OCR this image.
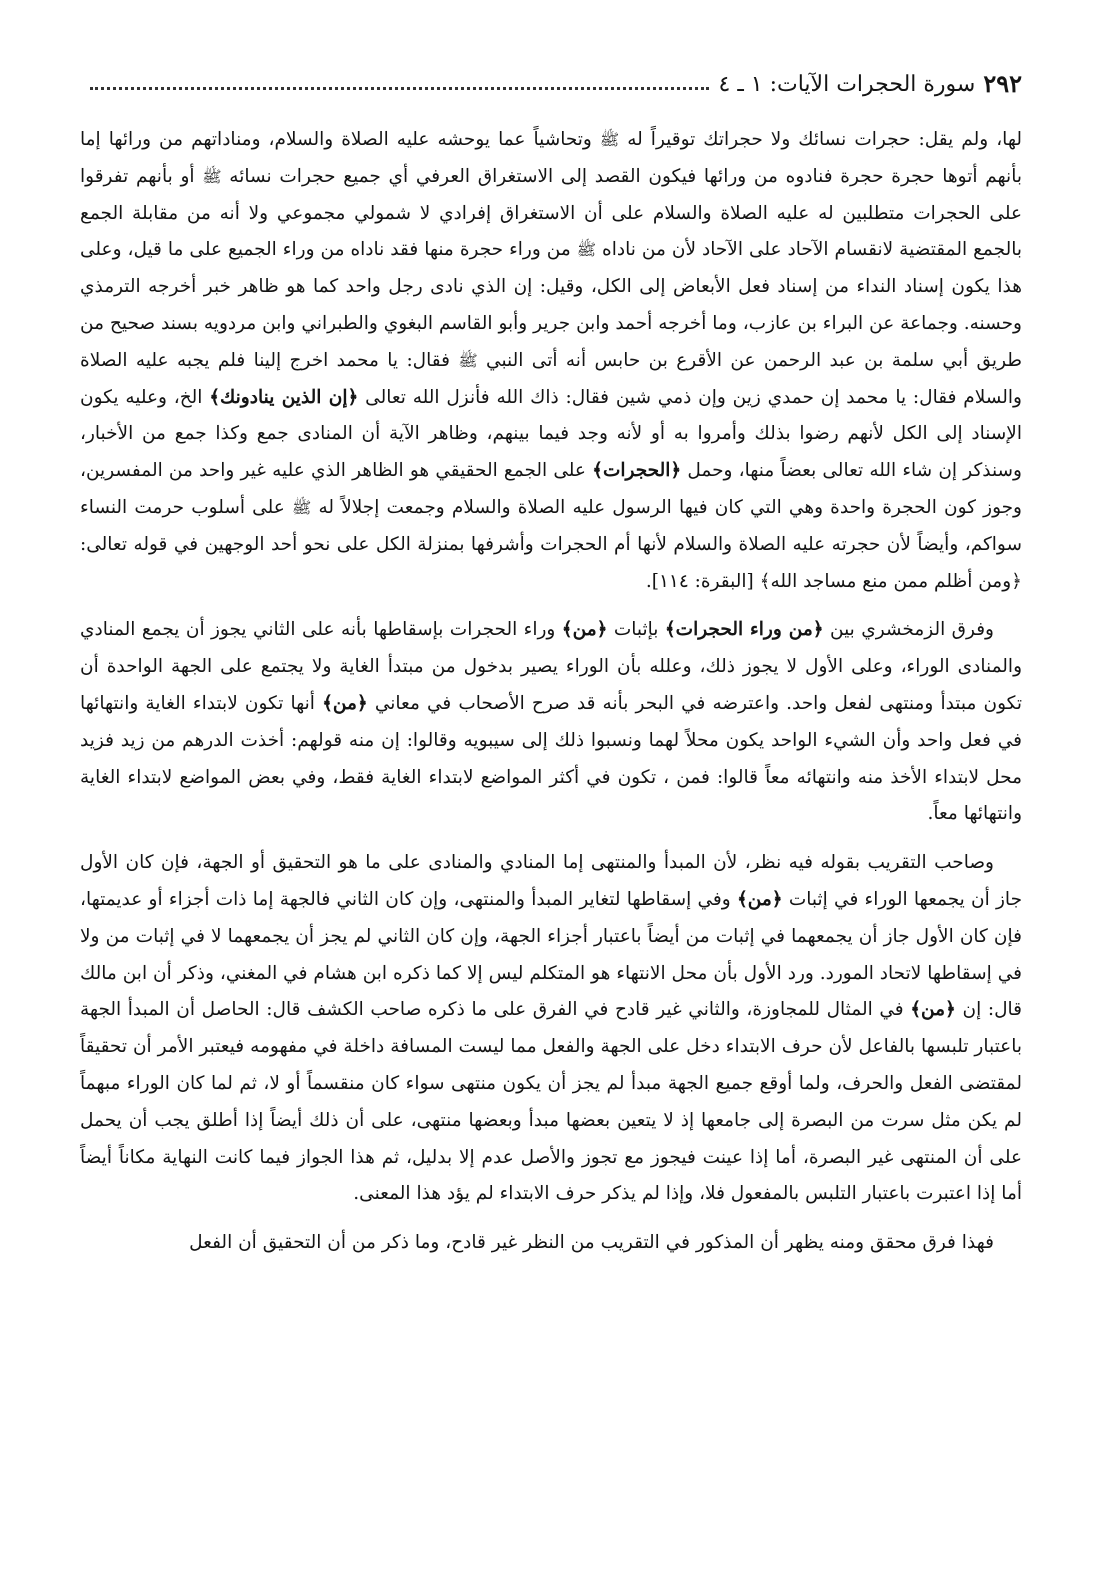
٢٩٢
سورة الحجرات الآيات: ١ ـ ٤

لها، ولم يقل: حجرات نسائك ولا حجراتك توقيراً له ﷺ وتحاشياً عما يوحشه عليه الصلاة والسلام، ومناداتهم من ورائها إما بأنهم أتوها حجرة حجرة فنادوه من ورائها فيكون القصد إلى الاستغراق العرفي أي جميع حجرات نسائه ﷺ أو بأنهم تفرقوا على الحجرات متطلبين له عليه الصلاة والسلام على أن الاستغراق إفرادي لا شمولي مجموعي ولا أنه من مقابلة الجمع بالجمع المقتضية لانقسام الآحاد على الآحاد لأن من ناداه ﷺ من وراء حجرة منها فقد ناداه من وراء الجميع على ما قيل، وعلى هذا يكون إسناد النداء من إسناد فعل الأبعاض إلى الكل، وقيل: إن الذي نادى رجل واحد كما هو ظاهر خبر أخرجه الترمذي وحسنه. وجماعة عن البراء بن عازب، وما أخرجه أحمد وابن جرير وأبو القاسم البغوي والطبراني وابن مردويه بسند صحيح من طريق أبي سلمة بن عبد الرحمن عن الأقرع بن حابس أنه أتى النبي ﷺ فقال: يا محمد اخرج إلينا فلم يجبه عليه الصلاة والسلام فقال: يا محمد إن حمدي زين وإن ذمي شين فقال: ذاك الله فأنزل الله تعالى ﴿إن الذين ينادونك﴾ الخ، وعليه يكون الإسناد إلى الكل لأنهم رضوا بذلك وأمروا به أو لأنه وجد فيما بينهم، وظاهر الآية أن المنادى جمع وكذا جمع من الأخبار، وسنذكر إن شاء الله تعالى بعضاً منها، وحمل ﴿الحجرات﴾ على الجمع الحقيقي هو الظاهر الذي عليه غير واحد من المفسرين، وجوز كون الحجرة واحدة وهي التي كان فيها الرسول عليه الصلاة والسلام وجمعت إجلالاً له ﷺ على أسلوب حرمت النساء سواكم، وأيضاً لأن حجرته عليه الصلاة والسلام لأنها أم الحجرات وأشرفها بمنزلة الكل على نحو أحد الوجهين في قوله تعالى: ﴿ومن أظلم ممن منع مساجد الله﴾ [البقرة: ١١٤].

وفرق الزمخشري بين ﴿من وراء الحجرات﴾ بإثبات ﴿من﴾ وراء الحجرات بإسقاطها بأنه على الثاني يجوز أن يجمع المنادي والمنادى الوراء، وعلى الأول لا يجوز ذلك، وعلله بأن الوراء يصير بدخول من مبتدأ الغاية ولا يجتمع على الجهة الواحدة أن تكون مبتدأ ومنتهى لفعل واحد. واعترضه في البحر بأنه قد صرح الأصحاب في معاني ﴿من﴾ أنها تكون لابتداء الغاية وانتهائها في فعل واحد وأن الشيء الواحد يكون محلاً لهما ونسبوا ذلك إلى سيبويه وقالوا: إن منه قولهم: أخذت الدرهم من زيد فزيد محل لابتداء الأخذ منه وانتهائه معاً قالوا: فمن ، تكون في أكثر المواضع لابتداء الغاية فقط، وفي بعض المواضع لابتداء الغاية وانتهائها معاً.

وصاحب التقريب بقوله فيه نظر، لأن المبدأ والمنتهى إما المنادي والمنادى على ما هو التحقيق أو الجهة، فإن كان الأول جاز أن يجمعها الوراء في إثبات ﴿من﴾ وفي إسقاطها لتغاير المبدأ والمنتهى، وإن كان الثاني فالجهة إما ذات أجزاء أو عديمتها، فإن كان الأول جاز أن يجمعهما في إثبات من أيضاً باعتبار أجزاء الجهة، وإن كان الثاني لم يجز أن يجمعهما لا في إثبات من ولا في إسقاطها لاتحاد المورد. ورد الأول بأن محل الانتهاء هو المتكلم ليس إلا كما ذكره ابن هشام في المغني، وذكر أن ابن مالك قال: إن ﴿من﴾ في المثال للمجاوزة، والثاني غير قادح في الفرق على ما ذكره صاحب الكشف قال: الحاصل أن المبدأ الجهة باعتبار تلبسها بالفاعل لأن حرف الابتداء دخل على الجهة والفعل مما ليست المسافة داخلة في مفهومه فيعتبر الأمر أن تحقيقاً لمقتضى الفعل والحرف، ولما أوقع جميع الجهة مبدأ لم يجز أن يكون منتهى سواء كان منقسماً أو لا، ثم لما كان الوراء مبهماً لم يكن مثل سرت من البصرة إلى جامعها إذ لا يتعين بعضها مبدأ وبعضها منتهى، على أن ذلك أيضاً إذا أطلق يجب أن يحمل على أن المنتهى غير البصرة، أما إذا عينت فيجوز مع تجوز والأصل عدم إلا بدليل، ثم هذا الجواز فيما كانت النهاية مكاناً أيضاً أما إذا اعتبرت باعتبار التلبس بالمفعول فلا، وإذا لم يذكر حرف الابتداء لم يؤد هذا المعنى.

فهذا فرق محقق ومنه يظهر أن المذكور في التقريب من النظر غير قادح، وما ذكر من أن التحقيق أن الفعل
